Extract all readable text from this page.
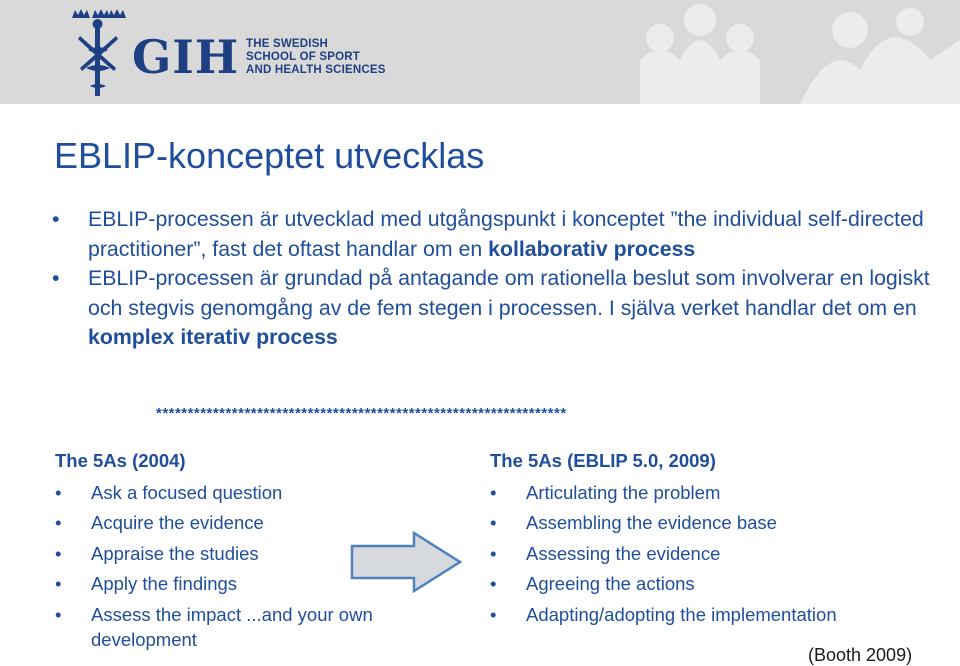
GIH THE SWEDISH
SCHOOL OF SPORT
AND HEALTH SCIENCES
EBLIP-konceptet utvecklas
• EBLIP-processen är utvecklad med utgångspunkt i konceptet ”the individual self-directed practitioner”, fast det oftast handlar om en kollaborativ process
• EBLIP-processen är grundad på antagande om rationella beslut som involverar en logiskt och stegvis genomgång av de fem stegen i processen. I själva verket handlar det om en komplex iterativ process
*****************************************************************
The 5As (2004)
• Ask a focused question
• Acquire the evidence
• Appraise the studies
• Apply the findings
• Assess the impact ...and your own development
The 5As (EBLIP 5.0, 2009)
• Articulating the problem
• Assembling the evidence base
• Assessing the evidence
• Agreeing the actions
• Adapting/adopting the implementation
(Booth 2009)
